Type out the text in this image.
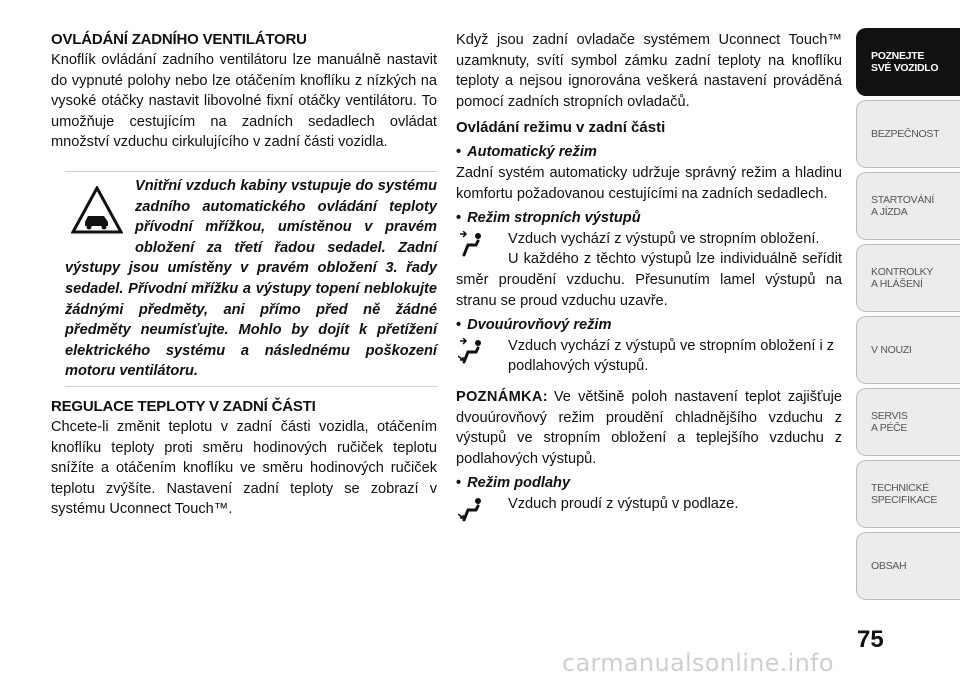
OVLÁDÁNÍ ZADNÍHO VENTILÁTORU

Knoflík ovládání zadního ventilátoru lze manuálně nastavit do vypnuté polohy nebo lze otáčením knoflíku z nízkých na vysoké otáčky nastavit libovolné fixní otáčky ventilátoru. To umožňuje cestujícím na zadních sedadlech ovládat množství vzduchu cirkulujícího v zadní části vozidla.

Vnitřní vzduch kabiny vstupuje do systému zadního automatického ovládání teploty přívodní mřížkou, umístěnou v pravém obložení za třetí řadou sedadel. Zadní výstupy jsou umístěny v pravém obložení 3. řady sedadel. Přívodní mřížku a výstupy topení neblokujte žádnými předměty, ani přímo před ně žádné předměty neumísťujte. Mohlo by dojít k přetížení elektrického systému a následnému poškození motoru ventilátoru.

REGULACE TEPLOTY V ZADNÍ ČÁSTI

Chcete-li změnit teplotu v zadní části vozidla, otáčením knoflíku teploty proti směru hodinových ručiček teplotu snížíte a otáčením knoflíku ve směru hodinových ručiček teplotu zvýšíte. Nastavení zadní teploty se zobrazí v systému Uconnect Touch™.

Když jsou zadní ovladače systémem Uconnect Touch™ uzamknuty, svítí symbol zámku zadní teploty na knoflíku teploty a nejsou ignorována veškerá nastavení prováděná pomocí zadních stropních ovladačů.

Ovládání režimu v zadní části
• Automatický režim

Zadní systém automaticky udržuje správný režim a hladinu komfortu požadovanou cestujícími na zadních sedadlech.

• Režim stropních výstupů
Vzduch vychází z výstupů ve stropním obložení.

U každého z těchto výstupů lze individuálně seřídit směr proudění vzduchu. Přesunutím lamel výstupů na stranu se proud vzduchu uzavře.

• Dvouúrovňový režim
Vzduch vychází z výstupů ve stropním obložení i z podlahových výstupů.

POZNÁMKA: Ve většině poloh nastavení teplot zajišťuje dvouúrovňový režim proudění chladnějšího vzduchu z výstupů ve stropním obložení a teplejšího vzduchu z podlahových výstupů.

• Režim podlahy
Vzduch proudí z výstupů v podlaze.
POZNEJTE
SVÉ VOZIDLO
BEZPEČNOST
STARTOVÁNÍ
A JÍZDA
KONTROLKY
A HLÁŠENÍ
V NOUZI
SERVIS
A PÉČE
TECHNICKÉ
SPECIFIKACE
OBSAH
75
carmanualsonline.info
